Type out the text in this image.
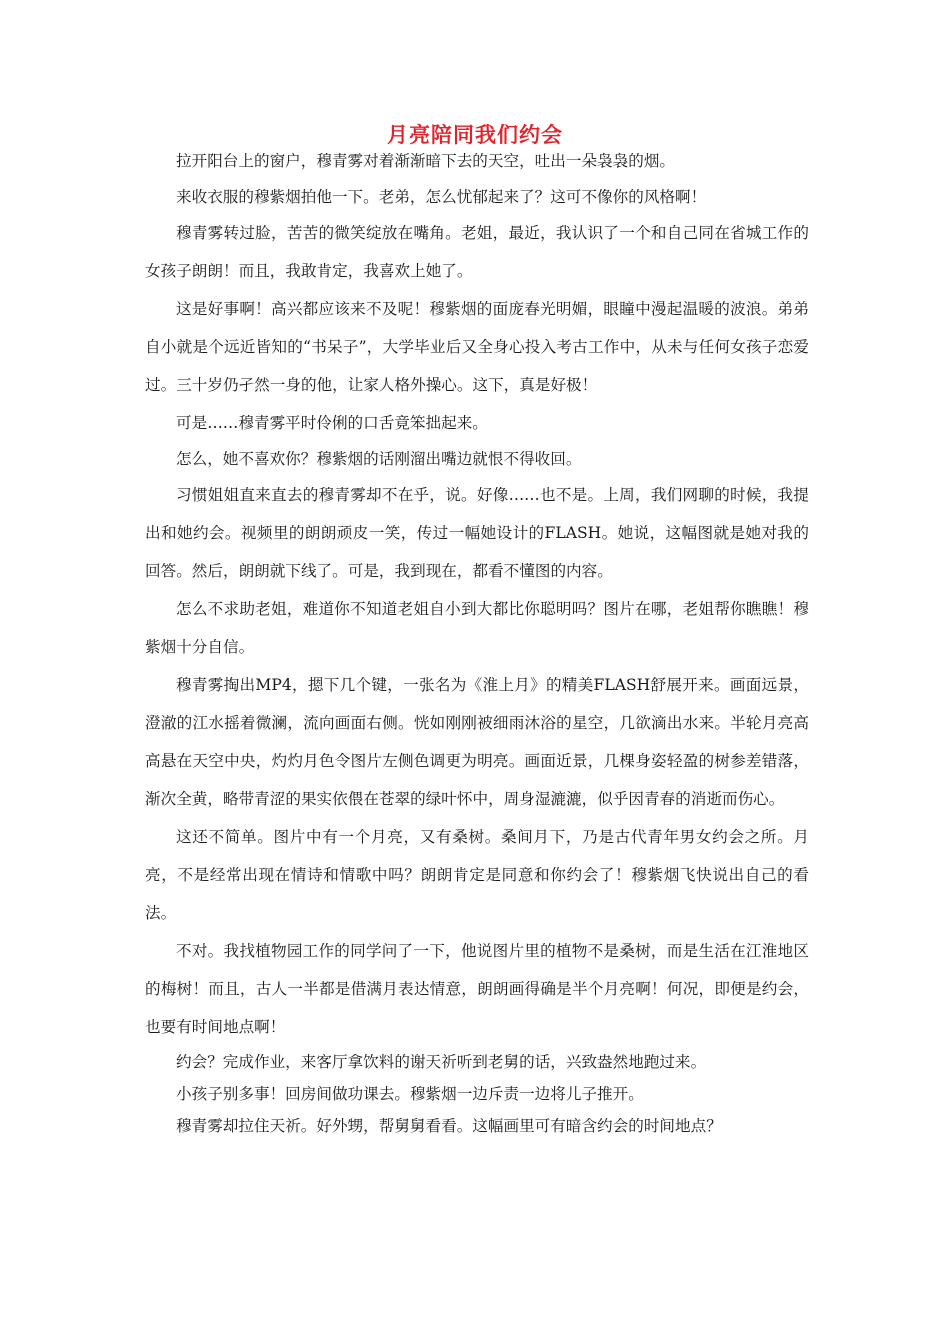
月亮陪同我们约会

拉开阳台上的窗户，穆青雾对着渐渐暗下去的天空，吐出一朵袅袅的烟。

来收衣服的穆紫烟拍他一下。老弟，怎么忧郁起来了？这可不像你的风格啊！

穆青雾转过脸，苦苦的微笑绽放在嘴角。老姐，最近，我认识了一个和自己同在省城工作的女孩子朗朗！而且，我敢肯定，我喜欢上她了。

这是好事啊！高兴都应该来不及呢！穆紫烟的面庞春光明媚，眼瞳中漫起温暖的波浪。弟弟自小就是个远近皆知的“书呆子”，大学毕业后又全身心投入考古工作中，从未与任何女孩子恋爱过。三十岁仍孑然一身的他，让家人格外操心。这下，真是好极！

可是……穆青雾平时伶俐的口舌竟笨拙起来。

怎么，她不喜欢你？穆紫烟的话刚溜出嘴边就恨不得收回。

习惯姐姐直来直去的穆青雾却不在乎，说。好像……也不是。上周，我们网聊的时候，我提出和她约会。视频里的朗朗顽皮一笑，传过一幅她设计的FLASH。她说，这幅图就是她对我的回答。然后，朗朗就下线了。可是，我到现在，都看不懂图的内容。

怎么不求助老姐，难道你不知道老姐自小到大都比你聪明吗？图片在哪，老姐帮你瞧瞧！穆紫烟十分自信。

穆青雾掏出MP4，摁下几个键，一张名为《淮上月》的精美FLASH舒展开来。画面远景，澄澈的江水摇着微澜，流向画面右侧。恍如刚刚被细雨沐浴的星空，几欲滴出水来。半轮月亮高高悬在天空中央，灼灼月色令图片左侧色调更为明亮。画面近景，几棵身姿轻盈的树参差错落，渐次全黄，略带青涩的果实依偎在苍翠的绿叶怀中，周身湿漉漉，似乎因青春的消逝而伤心。

这还不简单。图片中有一个月亮，又有桑树。桑间月下，乃是古代青年男女约会之所。月亮，不是经常出现在情诗和情歌中吗？朗朗肯定是同意和你约会了！穆紫烟飞快说出自己的看法。

不对。我找植物园工作的同学问了一下，他说图片里的植物不是桑树，而是生活在江淮地区的梅树！而且，古人一半都是借满月表达情意，朗朗画得确是半个月亮啊！何况，即便是约会，也要有时间地点啊！

约会？完成作业，来客厅拿饮料的谢天祈听到老舅的话，兴致盎然地跑过来。

小孩子别多事！回房间做功课去。穆紫烟一边斥责一边将儿子推开。

穆青雾却拉住天祈。好外甥，帮舅舅看看。这幅画里可有暗含约会的时间地点？
